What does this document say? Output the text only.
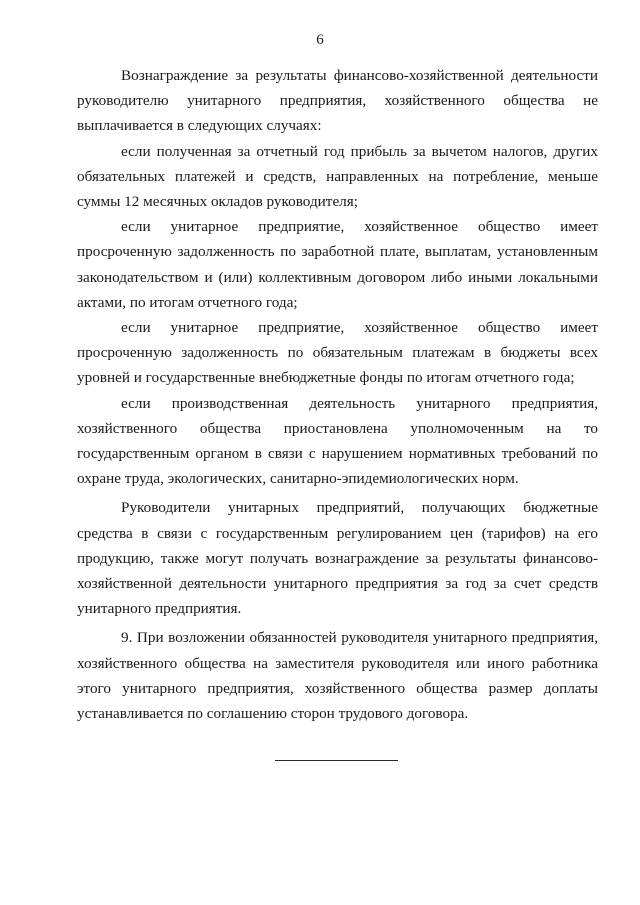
6

Вознаграждение за результаты финансово-хозяйственной деятельности руководителю унитарного предприятия, хозяйственного общества не выплачивается в следующих случаях:

если полученная за отчетный год прибыль за вычетом налогов, других обязательных платежей и средств, направленных на потребление, меньше суммы 12 месячных окладов руководителя;

если унитарное предприятие, хозяйственное общество имеет просроченную задолженность по заработной плате, выплатам, установленным законодательством и (или) коллективным договором либо иными локальными актами, по итогам отчетного года;

если унитарное предприятие, хозяйственное общество имеет просроченную задолженность по обязательным платежам в бюджеты всех уровней и государственные внебюджетные фонды по итогам отчетного года;

если производственная деятельность унитарного предприятия, хозяйственного общества приостановлена уполномоченным на то государственным органом в связи с нарушением нормативных требований по охране труда, экологических, санитарно-эпидемиологических норм.

Руководители унитарных предприятий, получающих бюджетные средства в связи с государственным регулированием цен (тарифов) на его продукцию, также могут получать вознаграждение за результаты финансово-хозяйственной деятельности унитарного предприятия за год за счет средств унитарного предприятия.

9. При возложении обязанностей руководителя унитарного предприятия, хозяйственного общества на заместителя руководителя или иного работника этого унитарного предприятия, хозяйственного общества размер доплаты устанавливается по соглашению сторон трудового договора.
